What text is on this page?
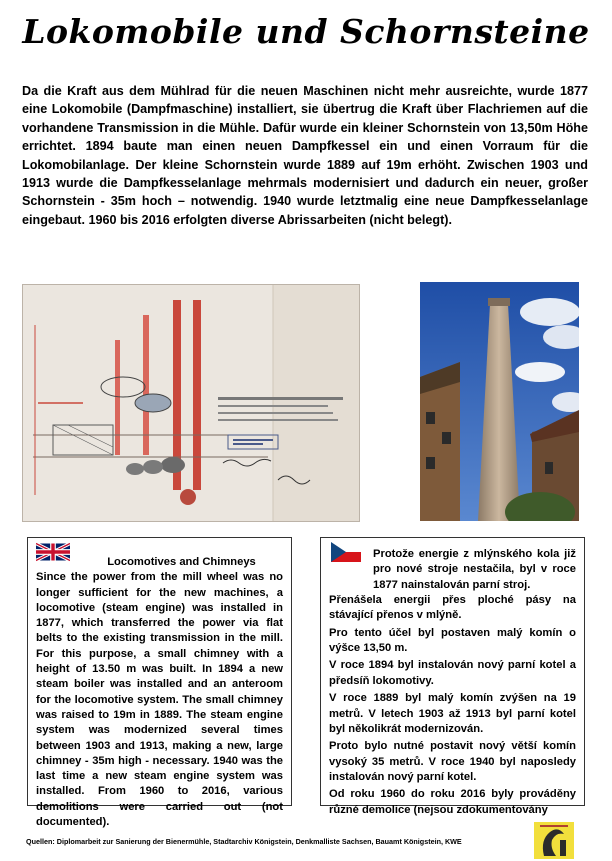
Lokomobile und Schornsteine
Da die Kraft aus dem Mühlrad für die neuen Maschinen nicht mehr ausreichte, wurde 1877 eine Lokomobile (Dampfmaschine) installiert, sie übertrug die Kraft über Flachriemen auf die vorhandene Transmission in die Mühle. Dafür wurde ein kleiner Schornstein von 13,50m Höhe errichtet. 1894 baute man einen neuen Dampfkessel ein und einen Vorraum für die Lokomobilanlage. Der kleine Schornstein wurde 1889 auf 19m erhöht. Zwischen 1903 und 1913 wurde die Dampfkesselanlage mehrmals modernisiert und dadurch ein neuer, großer Schornstein - 35m hoch – notwendig. 1940 wurde letztmalig eine neue Dampfkesselanlage eingebaut. 1960 bis 2016 erfolgten diverse Abrissarbeiten (nicht belegt).
Locomotives and Chimneys
Since the power from the mill wheel was no longer sufficient for the new machines, a locomotive (steam engine) was installed in 1877, which transferred the power via flat belts to the existing transmission in the mill. For this purpose, a small chimney with a height of 13.50 m was built. In 1894 a new steam boiler was installed and an anteroom for the locomotive system. The small chimney was raised to 19m in 1889. The steam engine system was modernized several times between 1903 and 1913, making a new, large chimney - 35m high - necessary. 1940 was the last time a new steam engine system was installed. From 1960 to 2016, various demolitions were carried out (not documented).
Protože energie z mlýnského kola již pro nové stroje nestačila, byl v roce 1877 nainstalován parní stroj.

Přenášela energii přes ploché pásy na stávající přenos v mlýně.

Pro tento účel byl postaven malý komín o výšce 13,50 m.

V roce 1894 byl instalován nový parní kotel a předsíň lokomotivy.

V roce 1889 byl malý komín zvýšen na 19 metrů. V letech 1903 až 1913 byl parní kotel byl několikrát modernizován.

Proto bylo nutné postavit nový větší komín vysoký 35 metrů. V roce 1940 byl naposledy instalován nový parní kotel.

Od roku 1960 do roku 2016 byly prováděny různé demolice (nejsou zdokumentovány

Quellen: Diplomarbeit zur Sanierung der Bienermühle, Stadtarchiv Königstein, Denkmalliste Sachsen, Bauamt Königstein, KWE
